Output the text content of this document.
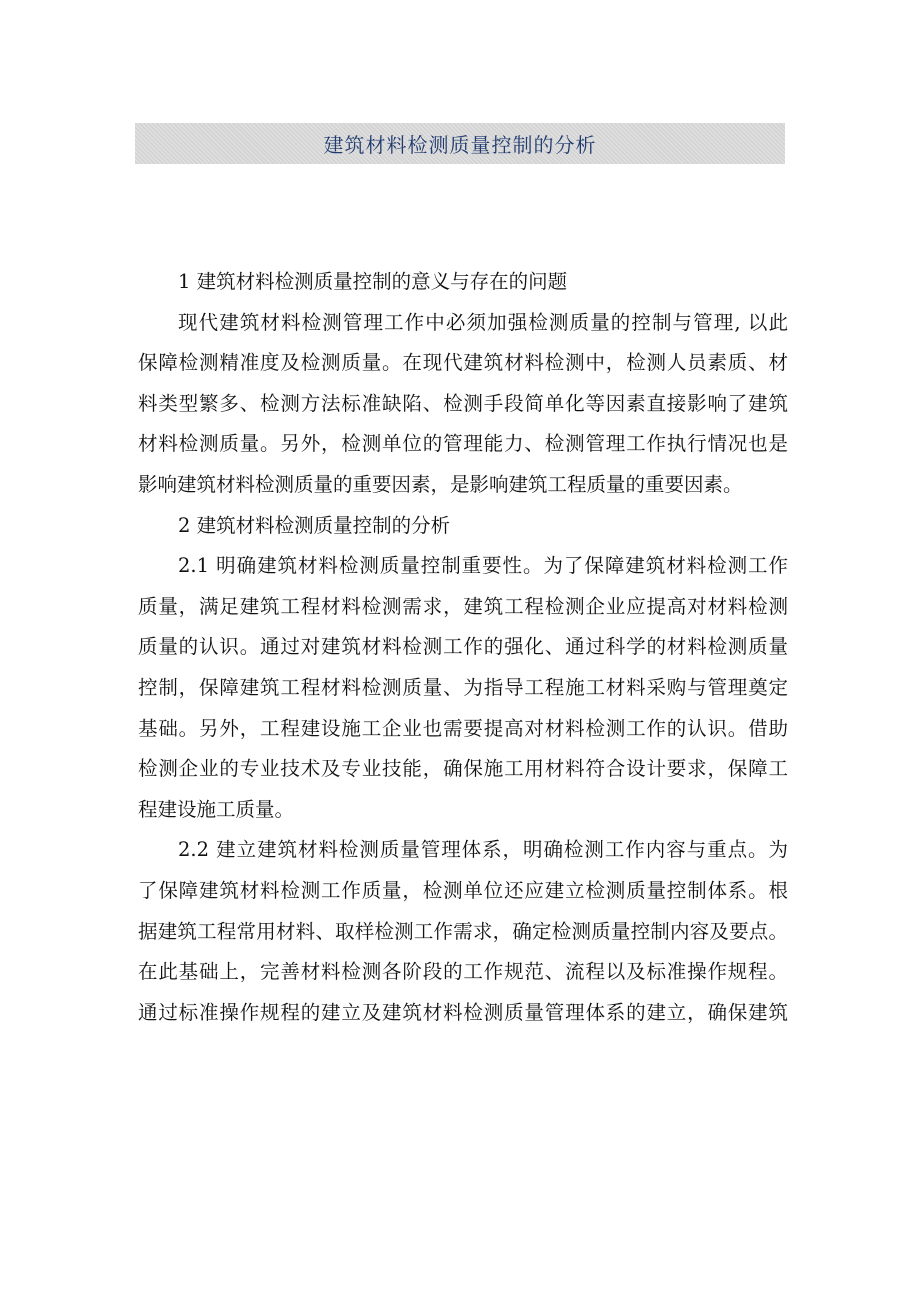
建筑材料检测质量控制的分析
1 建筑材料检测质量控制的意义与存在的问题
现代建筑材料检测管理工作中必须加强检测质量的控制与管理, 以此
保障检测精准度及检测质量。在现代建筑材料检测中，检测人员素质、材
料类型繁多、检测方法标准缺陷、检测手段简单化等因素直接影响了建筑
材料检测质量。另外，检测单位的管理能力、检测管理工作执行情况也是
影响建筑材料检测质量的重要因素，是影响建筑工程质量的重要因素。
2 建筑材料检测质量控制的分析
2.1 明确建筑材料检测质量控制重要性。为了保障建筑材料检测工作
质量，满足建筑工程材料检测需求，建筑工程检测企业应提高对材料检测
质量的认识。通过对建筑材料检测工作的强化、通过科学的材料检测质量
控制，保障建筑工程材料检测质量、为指导工程施工材料采购与管理奠定
基础。另外，工程建设施工企业也需要提高对材料检测工作的认识。借助
检测企业的专业技术及专业技能，确保施工用材料符合设计要求，保障工
程建设施工质量。
2.2 建立建筑材料检测质量管理体系，明确检测工作内容与重点。为
了保障建筑材料检测工作质量，检测单位还应建立检测质量控制体系。根
据建筑工程常用材料、取样检测工作需求，确定检测质量控制内容及要点。
在此基础上，完善材料检测各阶段的工作规范、流程以及标准操作规程。
通过标准操作规程的建立及建筑材料检测质量管理体系的建立，确保建筑
